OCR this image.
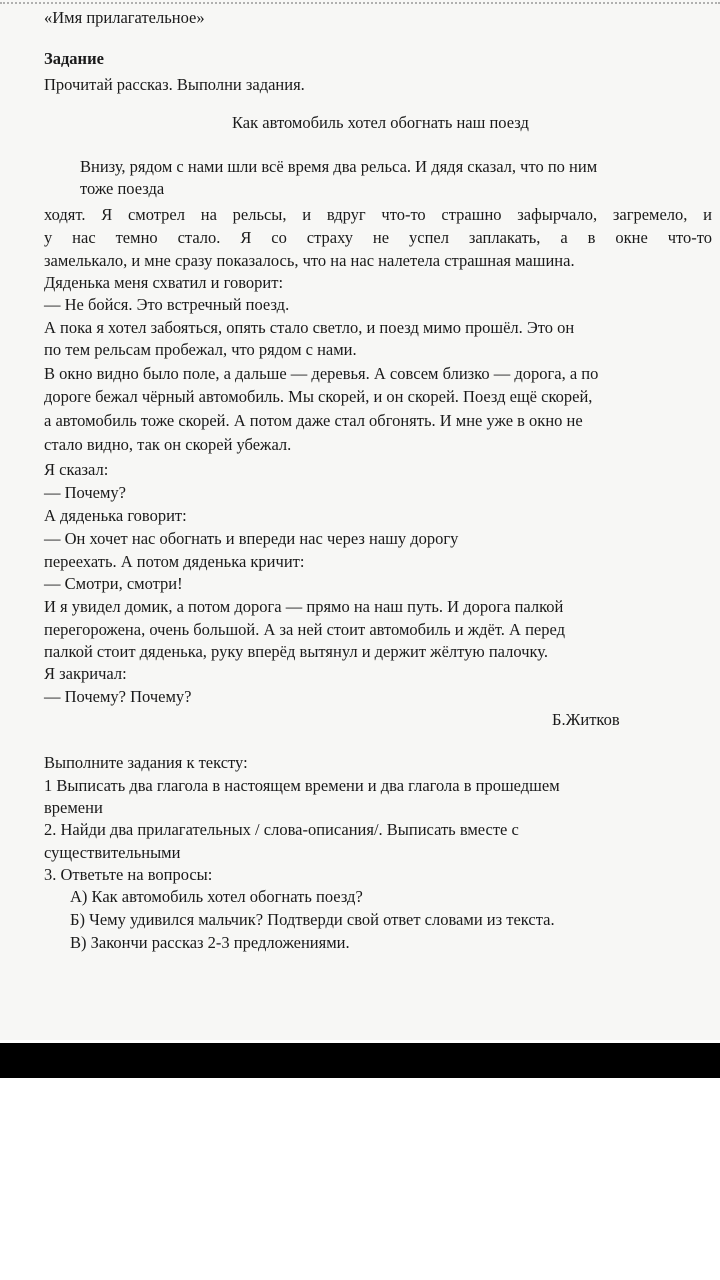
«Имя прилагательное»
Задание
Прочитай рассказ. Выполни задания.
Как автомобиль хотел обогнать наш поезд
Внизу, рядом с нами шли всё время два рельса. И дядя сказал, что по ним
тоже поезда
ходят. Я смотрел на рельсы, и вдруг что-то страшно зафырчало, загремело, и
у нас темно стало. Я со страху не успел заплакать, а в окне что-то
замелькало, и мне сразу показалось, что на нас налетела страшная машина.
Дяденька меня схватил и говорит:
— Не бойся. Это встречный поезд.
А пока я хотел забояться, опять стало светло, и поезд мимо прошёл. Это он
по тем рельсам пробежал, что рядом с нами.
В окно видно было поле, а дальше — деревья. А совсем близко — дорога, а по
дороге бежал чёрный автомобиль. Мы скорей, и он скорей. Поезд ещё скорей,
а автомобиль тоже скорей. А потом даже стал обгонять. И мне уже в окно не
стало видно, так он скорей убежал.
Я сказал:
— Почему?
А дяденька говорит:
— Он хочет нас обогнать и впереди нас через нашу дорогу
переехать. А потом дяденька кричит:
— Смотри, смотри!
И я увидел домик, а потом дорога — прямо на наш путь. И дорога палкой
перегорожена, очень большой. А за ней стоит автомобиль и ждёт. А перед
палкой стоит дяденька, руку вперёд вытянул и держит жёлтую палочку.
Я закричал:
— Почему? Почему?
Б.Житков
Выполните задания к тексту:
1 Выписать два глагола в настоящем времени и два глагола в прошедшем
времени
2. Найди два прилагательных / слова-описания/. Выписать вместе с
существительными
3. Ответьте на вопросы:
А) Как автомобиль хотел обогнать поезд?
Б) Чему удивился мальчик? Подтверди свой ответ словами из текста.
В) Закончи рассказ 2-3 предложениями.
